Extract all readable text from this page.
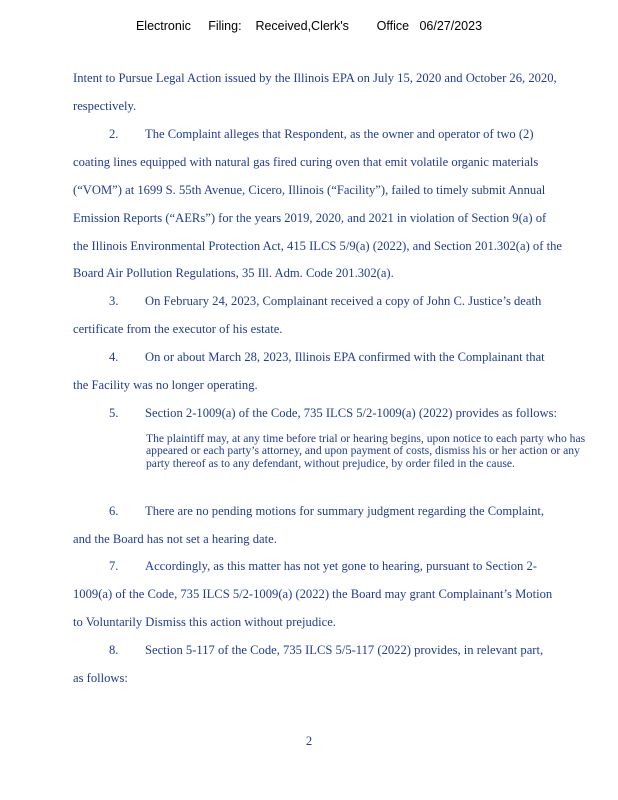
Electronic     Filing:    Received,Clerk's        Office   06/27/2023
Intent to Pursue Legal Action issued by the Illinois EPA on July 15, 2020 and October 26, 2020,
respectively.
2. The Complaint alleges that Respondent, as the owner and operator of two (2)
coating lines equipped with natural gas fired curing oven that emit volatile organic materials
(“VOM”) at 1699 S. 55th Avenue, Cicero, Illinois (“Facility”), failed to timely submit Annual
Emission Reports (“AERs”) for the years 2019, 2020, and 2021 in violation of Section 9(a) of
the Illinois Environmental Protection Act, 415 ILCS 5/9(a) (2022), and Section 201.302(a) of the
Board Air Pollution Regulations, 35 Ill. Adm. Code 201.302(a).
3. On February 24, 2023, Complainant received a copy of John C. Justice’s death
certificate from the executor of his estate.
4. On or about March 28, 2023, Illinois EPA confirmed with the Complainant that
the Facility was no longer operating.
5. Section 2-1009(a) of the Code, 735 ILCS 5/2-1009(a) (2022) provides as follows:
The plaintiff may, at any time before trial or hearing begins, upon notice to each party who has appeared or each party’s attorney, and upon payment of costs, dismiss his or her action or any party thereof as to any defendant, without prejudice, by order filed in the cause.
6. There are no pending motions for summary judgment regarding the Complaint,
and the Board has not set a hearing date.
7. Accordingly, as this matter has not yet gone to hearing, pursuant to Section 2-
1009(a) of the Code, 735 ILCS 5/2-1009(a) (2022) the Board may grant Complainant’s Motion
to Voluntarily Dismiss this action without prejudice.
8. Section 5-117 of the Code, 735 ILCS 5/5-117 (2022) provides, in relevant part,
as follows:
2
